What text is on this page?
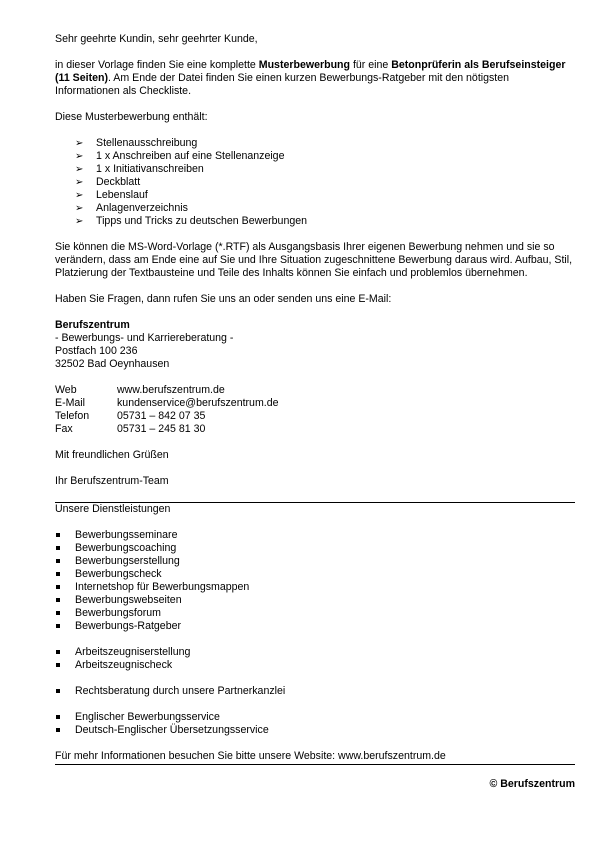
Sehr geehrte Kundin, sehr geehrter Kunde,

in dieser Vorlage finden Sie eine komplette Musterbewerbung für eine Betonprüferin als Berufseinsteiger (11 Seiten). Am Ende der Datei finden Sie einen kurzen Bewerbungs-Ratgeber mit den nötigsten Informationen als Checkliste.

Diese Musterbewerbung enthält:

➢ Stellenausschreibung
➢ 1 x Anschreiben auf eine Stellenanzeige
➢ 1 x Initiativanschreiben
➢ Deckblatt
➢ Lebenslauf
➢ Anlagenverzeichnis
➢ Tipps und Tricks zu deutschen Bewerbungen

Sie können die MS-Word-Vorlage (*.RTF) als Ausgangsbasis Ihrer eigenen Bewerbung nehmen und sie so verändern, dass am Ende eine auf Sie und Ihre Situation zugeschnittene Bewerbung daraus wird. Aufbau, Stil, Platzierung der Textbausteine und Teile des Inhalts können Sie einfach und problemlos übernehmen.

Haben Sie Fragen, dann rufen Sie uns an oder senden uns eine E-Mail:

Berufszentrum

- Bewerbungs- und Karriereberatung -

Postfach 100 236

32502 Bad Oeynhausen

Web	www.berufszentrum.de
E-Mail	kundenservice@berufszentrum.de
Telefon	05731 – 842 07 35
Fax	05731 – 245 81 30

Mit freundlichen Grüßen

Ihr Berufszentrum-Team

Unsere Dienstleistungen

Bewerbungsseminare
Bewerbungscoaching
Bewerbungserstellung
Bewerbungscheck
Internetshop für Bewerbungsmappen
Bewerbungswebseiten
Bewerbungsforum
Bewerbungs-Ratgeber
Arbeitszeugniserstellung
Arbeitszeugnischeck
Rechtsberatung durch unsere Partnerkanzlei
Englischer Bewerbungsservice
Deutsch-Englischer Übersetzungsservice

Für mehr Informationen besuchen Sie bitte unsere Website: www.berufszentrum.de

© Berufszentrum
